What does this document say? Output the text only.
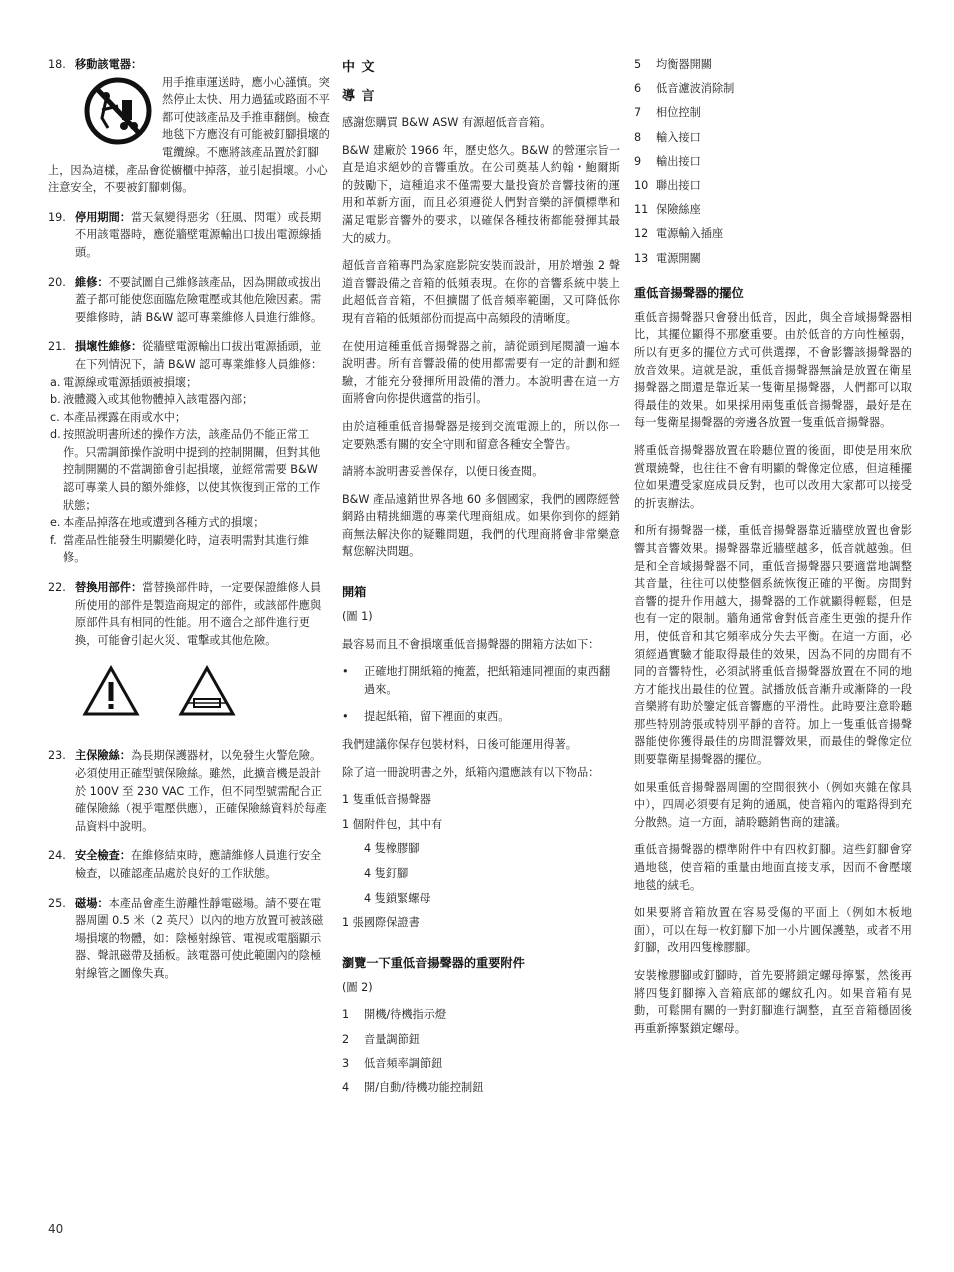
18. 移動該電器：
用手推車運送時，應小心謹慎。突然停止太快、用力過猛或路面不平都可使該產品及手推車翻倒。檢查地毯下方應沒有可能被釘腳損壞的電纜線。不應將該產品置於釘腳上，因為這樣，產品會從櫥櫃中掉落，並引起損壞。小心注意安全，不要被釘腳刺傷。
19. 停用期間：當天氣變得惡劣（狂風、閃電）或長期不用該電器時，應從牆壁電源輸出口拔出電源線插頭。
20. 維修：不要試圖自己維修該產品，因為開啟或拔出蓋子都可能使您面臨危險電壓或其他危險因素。需要維修時，請 B&W 認可專業維修人員進行維修。
21. 損壞性維修：從牆壁電源輸出口拔出電源插頭，並在下列情況下，請 B&W 認可專業維修人員維修：
a. 電源線或電源插頭被損壞；
b. 液體濺入或其他物體掉入該電器內部；
c. 本產品裸露在雨或水中；
d. 按照說明書所述的操作方法，該產品仍不能正常工作。只需調節操作說明中提到的控制開關，但對其他控制開關的不當調節會引起損壞，並經常需要 B&W 認可專業人員的額外維修，以使其恢復到正常的工作狀態；
e. 本產品掉落在地或遭到各種方式的損壞；
f. 當產品性能發生明顯變化時，這表明需對其進行維修。
22. 替換用部件：當替換部件時，一定要保證維修人員所使用的部件是製造商規定的部件，或該部件應與原部件具有相同的性能。用不適合之部件進行更換，可能會引起火災、電擊或其他危險。
23. 主保險絲：為長期保護器材，以免發生火警危險。必須使用正確型號保險絲。雖然，此擴音機是設計於 100V 至 230 VAC 工作，但不同型號需配合正確保險絲（視乎電壓供應），正確保險絲資料於每產品資料中說明。
24. 安全檢查：在維修結束時，應請維修人員進行安全檢查，以確認產品處於良好的工作狀態。
25. 磁場：本產品會產生游離性靜電磁場。請不要在電器周圍 0.5 米（2 英尺）以內的地方放置可被該磁場損壞的物體，如：陰極射線管、電視或電腦顯示器、聲訊磁帶及插板。該電器可使此範圍內的陰極射線管之圖像失真。
中 文
導 言

感謝您購買 B&W ASW 有源超低音音箱。

B&W 建廠於 1966 年，歷史悠久。B&W 的營運宗旨一直是追求絕妙的音響重放。在公司奠基人約翰・鮑爾斯的鼓勵下，這種追求不僅需要大量投資於音響技術的運用和革新方面，而且必須遵從人們對音樂的評價標準和滿足電影音響外的要求，以確保各種技術都能發揮其最大的威力。

超低音音箱專門為家庭影院安裝而設計，用於增強 2 聲道音響設備之音箱的低頻表現。在你的音響系統中裝上此超低音音箱，不但擴闊了低音頻率範圍，又可降低你現有音箱的低頻部份而提高中高頻段的清晰度。

在使用這種重低音揚聲器之前，請從頭到尾閱讀一遍本說明書。所有音響設備的使用都需要有一定的計劃和經驗，才能充分發揮所用設備的潛力。本說明書在這一方面將會向你提供適當的指引。

由於這種重低音揚聲器是接到交流電源上的，所以你一定要熟悉有關的安全守則和留意各種安全警告。

請將本說明書妥善保存，以便日後查閱。

B&W 產品遠銷世界各地 60 多個國家，我們的國際經營網路由精挑細選的專業代理商組成。如果你到你的經銷商無法解決你的疑難問題，我們的代理商將會非常樂意幫您解決問題。

開箱

(圖 1)

最容易而且不會損壞重低音揚聲器的開箱方法如下：

• 正確地打開紙箱的掩蓋，把紙箱連同裡面的東西翻過來。
• 提起紙箱，留下裡面的東西。

我們建議你保存包裝材料，日後可能運用得著。

除了這一冊說明書之外，紙箱內還應該有以下物品：

1 隻重低音揚聲器
1 個附件包，其中有
4 隻橡膠腳
4 隻釘腳
4 隻鎖緊螺母
1 張國際保證書
瀏覽一下重低音揚聲器的重要附件

(圖 2)

1	開機/待機指示燈
2	音量調節鈕
3	低音頻率調節鈕
4	開/自動/待機功能控制鈕
5	均衡器開關
6	低音濾波消除制
7	相位控制
8	輸入接口
9	輸出接口
10 聯出接口
11 保險絲座
12 電源輸入插座
13 電源開關
重低音揚聲器的擺位

重低音揚聲器只會發出低音，因此，與全音域揚聲器相比，其擺位顯得不那麼重要。由於低音的方向性極弱，所以有更多的擺位方式可供選擇，不會影響該揚聲器的放音效果。這就是說，重低音揚聲器無論是放置在衛星揚聲器之間還是靠近某一隻衛星揚聲器，人們都可以取得最佳的效果。如果採用兩隻重低音揚聲器，最好是在每一隻衛星揚聲器的旁邊各放置一隻重低音揚聲器。

將重低音揚聲器放置在聆聽位置的後面，即使是用來欣賞環繞聲，也往往不會有明顯的聲像定位感，但這種擺位如果遭受家庭成員反對，也可以改用大家都可以接受的折衷辦法。

和所有揚聲器一樣，重低音揚聲器靠近牆壁放置也會影響其音響效果。揚聲器靠近牆壁越多，低音就越強。但是和全音域揚聲器不同，重低音揚聲器只要適當地調整其音量，往往可以使整個系統恢復正確的平衡。房間對音響的提升作用越大，揚聲器的工作就顯得輕鬆，但是也有一定的限制。牆角通常會對低音產生更強的提升作用，使低音和其它頻率成分失去平衡。在這一方面，必須經過實驗才能取得最佳的效果，因為不同的房間有不同的音響特性，必須試將重低音揚聲器放置在不同的地方才能找出最佳的位置。試播放低音漸升或漸降的一段音樂將有助於鑒定低音響應的平滑性。此時要注意聆聽那些特別誇張或特別平靜的音符。加上一隻重低音揚聲器能使你獲得最佳的房間混響效果，而最佳的聲像定位則要靠衛星揚聲器的擺位。

如果重低音揚聲器周圍的空間很狹小（例如夾雜在傢具中），四周必須要有足夠的通風，使音箱內的電路得到充分散熱。這一方面，請聆聽銷售商的建議。

重低音揚聲器的標準附件中有四枚釘腳。這些釘腳會穿過地毯，使音箱的重量由地面直接支承，因而不會壓壞地毯的絨毛。

如果要將音箱放置在容易受傷的平面上（例如木板地面），可以在每一枚釘腳下加一小片圓保護墊，或者不用釘腳，改用四隻橡膠腳。

安裝橡膠腳或釘腳時，首先要將鎖定螺母擰緊，然後再將四隻釘腳擰入音箱底部的螺紋孔內。如果音箱有晃動，可鬆開有關的一對釘腳進行調整，直至音箱穩固後再重新擰緊鎖定螺母。

40
